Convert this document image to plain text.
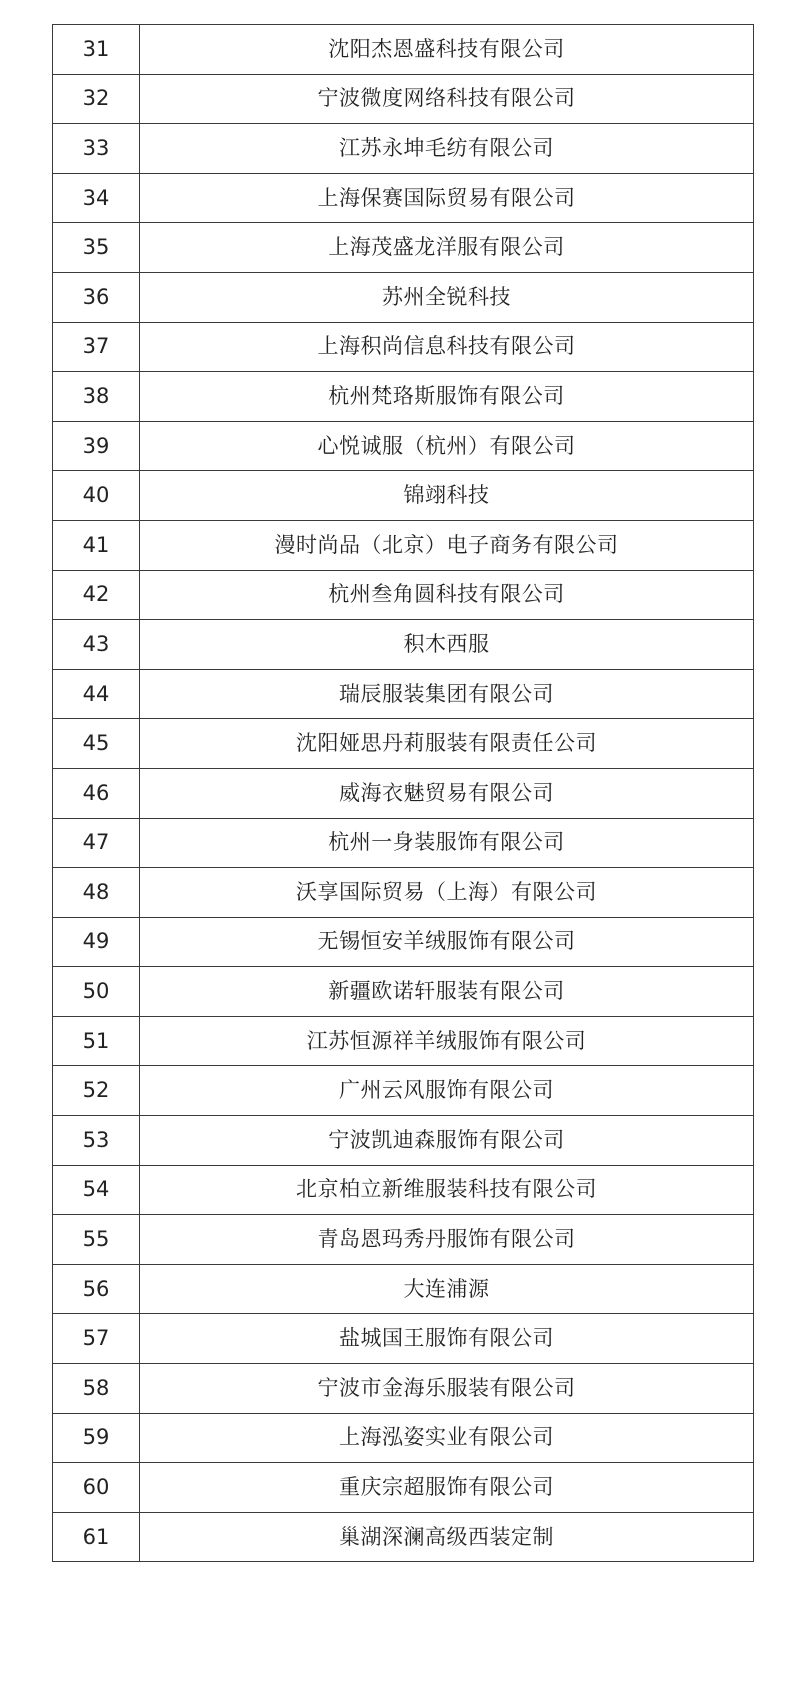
31	沈阳杰恩盛科技有限公司
32	宁波微度网络科技有限公司
33	江苏永坤毛纺有限公司
34	上海保赛国际贸易有限公司
35	上海茂盛龙洋服有限公司
36	苏州全锐科技
37	上海积尚信息科技有限公司
38	杭州梵珞斯服饰有限公司
39	心悦诚服（杭州）有限公司
40	锦翊科技
41	漫时尚品（北京）电子商务有限公司
42	杭州叁角圆科技有限公司
43	积木西服
44	瑞辰服装集团有限公司
45	沈阳娅思丹莉服装有限责任公司
46	威海衣魅贸易有限公司
47	杭州一身装服饰有限公司
48	沃享国际贸易（上海）有限公司
49	无锡恒安羊绒服饰有限公司
50	新疆欧诺轩服装有限公司
51	江苏恒源祥羊绒服饰有限公司
52	广州云风服饰有限公司
53	宁波凯迪森服饰有限公司
54	北京柏立新维服装科技有限公司
55	青岛恩玛秀丹服饰有限公司
56	大连浦源
57	盐城国王服饰有限公司
58	宁波市金海乐服装有限公司
59	上海泓姿实业有限公司
60	重庆宗超服饰有限公司
61	巢湖深澜高级西装定制
